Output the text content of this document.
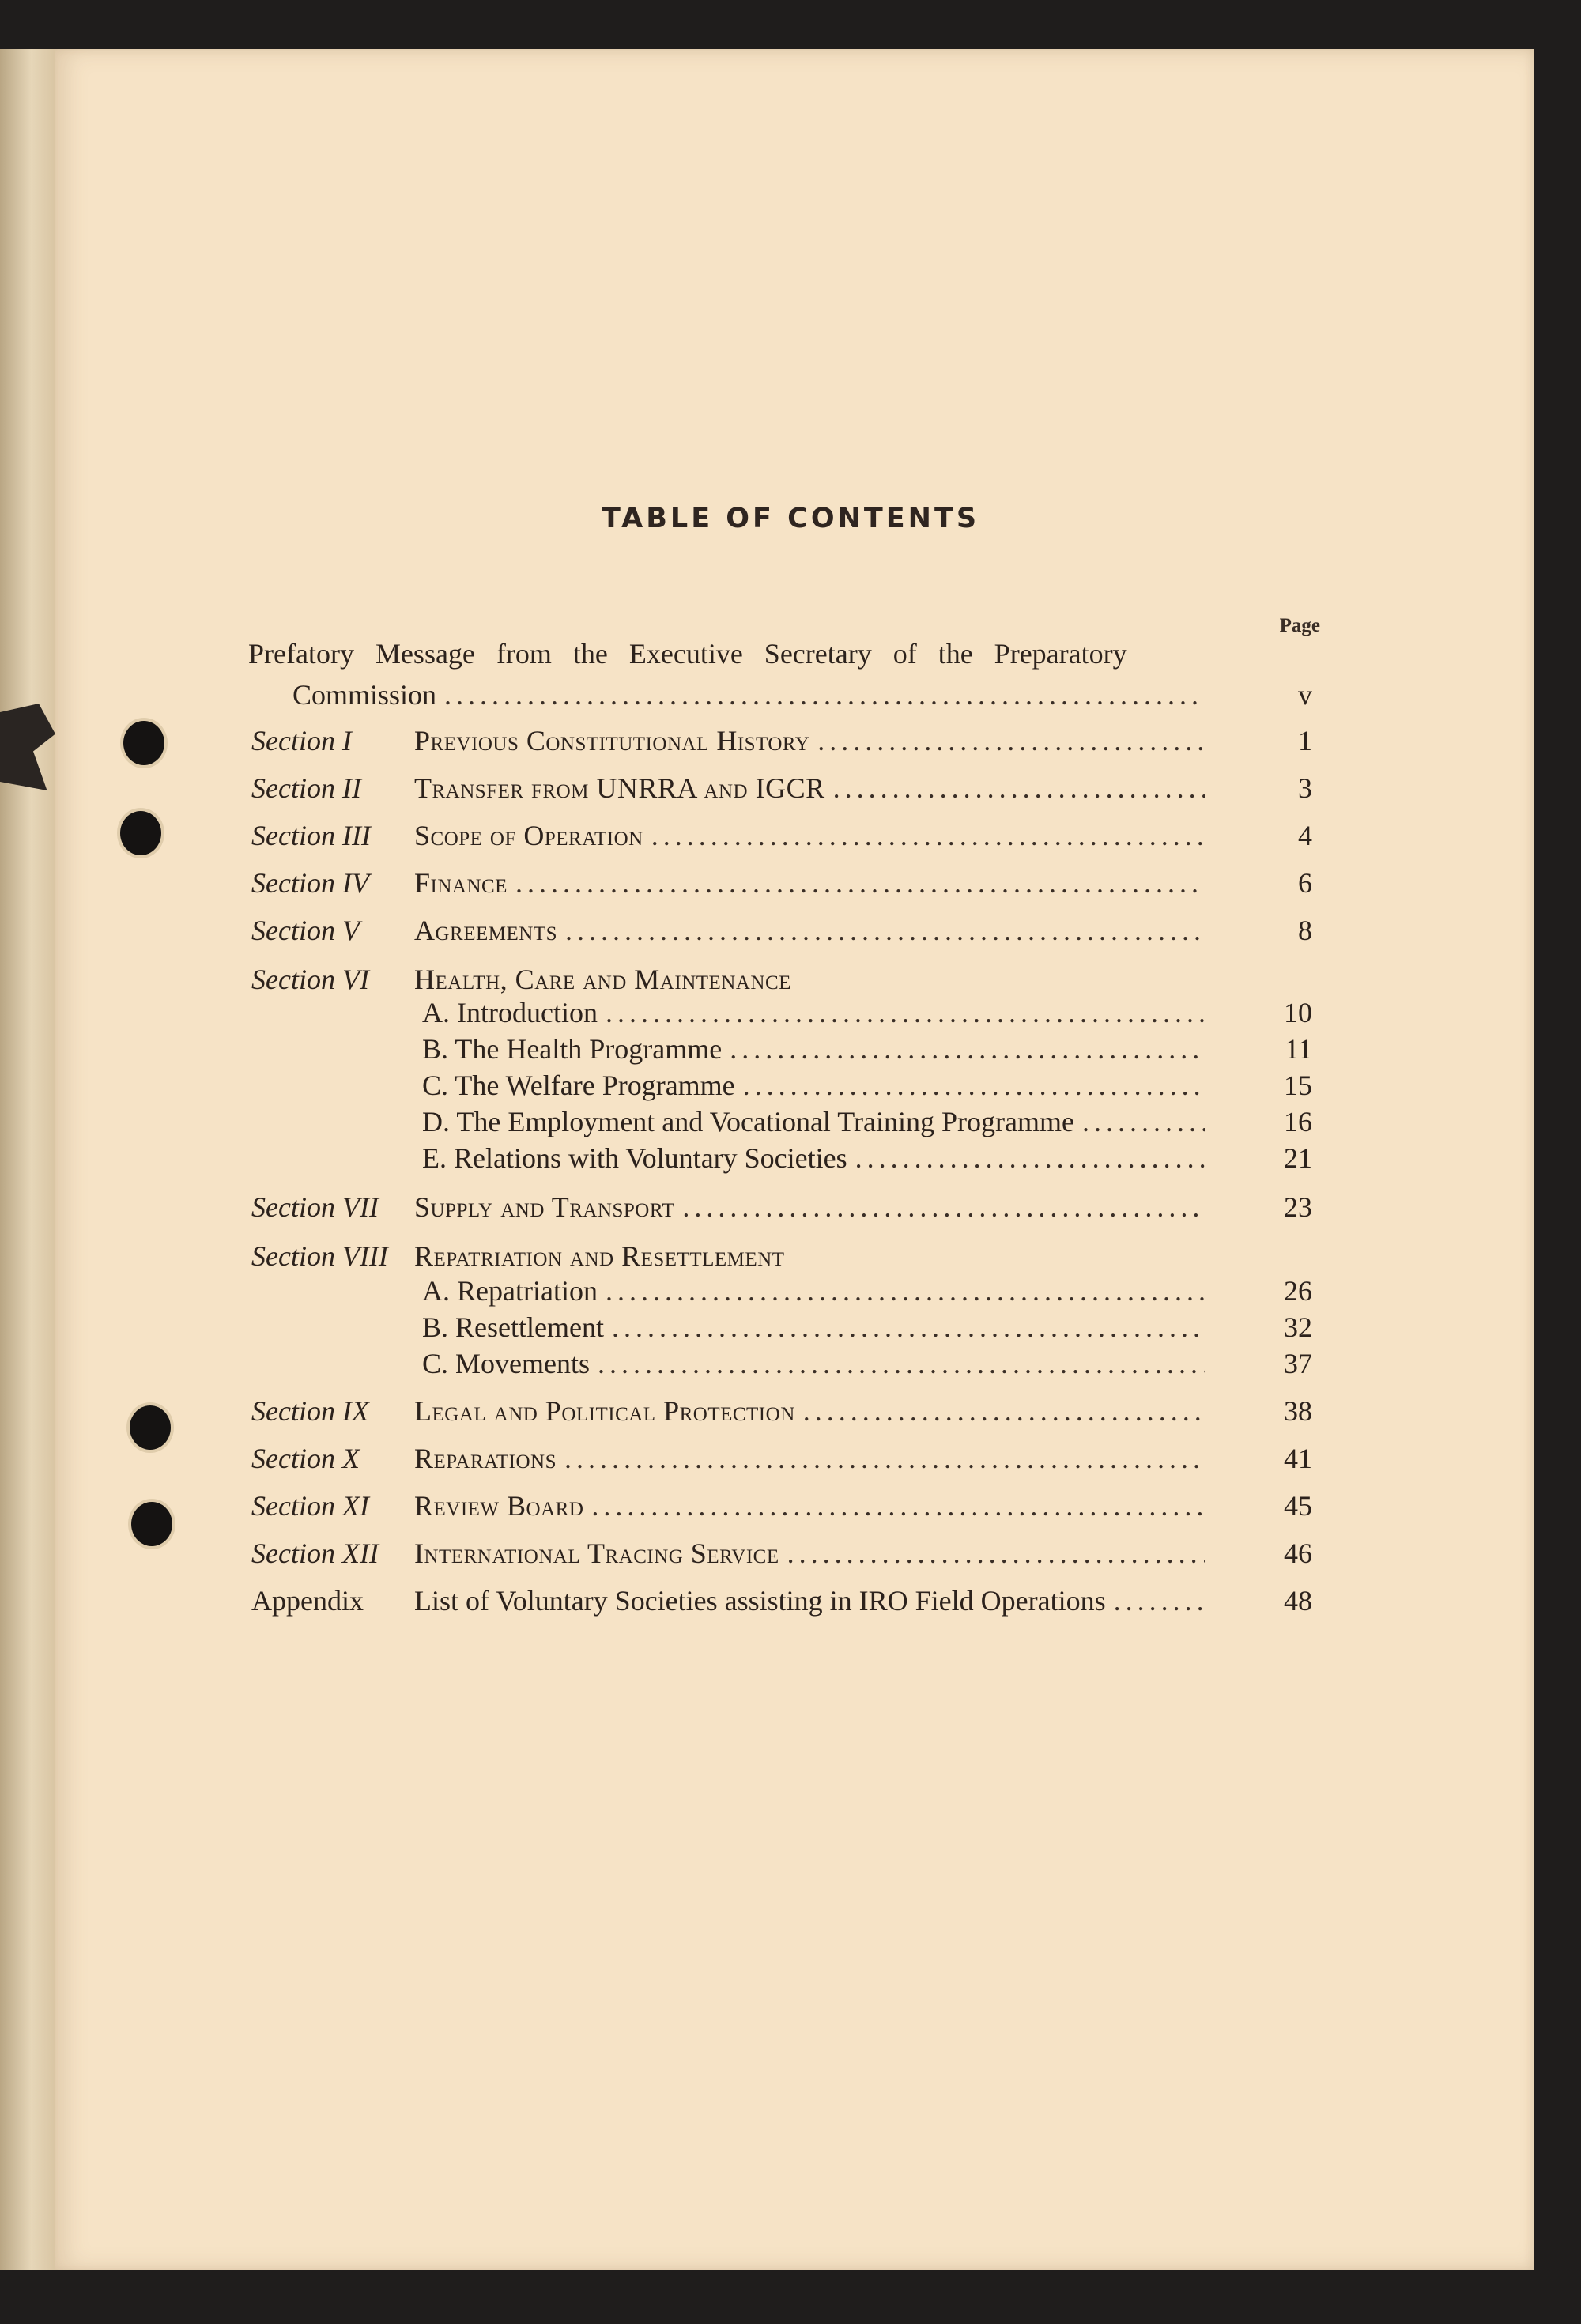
TABLE OF CONTENTS
Page
Prefatory Message from the Executive Secretary of the Preparatory
Commission .....	v
Section I Previous Constitutional History .....	1
Section II Transfer from UNRRA and IGCR .....	3
Section III Scope of Operation .....	4
Section IV Finance .....	6
Section V Agreements .....	8
Section VI Health, Care and Maintenance
A. Introduction .....	10
B. The Health Programme .....	11
C. The Welfare Programme .....	15
D. The Employment and Vocational Training Programme .....	16
E. Relations with Voluntary Societies .....	21
Section VII Supply and Transport .....	23
Section VIII Repatriation and Resettlement
A. Repatriation .....	26
B. Resettlement .....	32
C. Movements .....	37
Section IX Legal and Political Protection .....	38
Section X Reparations .....	41
Section XI Review Board .....	45
Section XII International Tracing Service .....	46
Appendix List of Voluntary Societies assisting in IRO Field Operations .....	48
